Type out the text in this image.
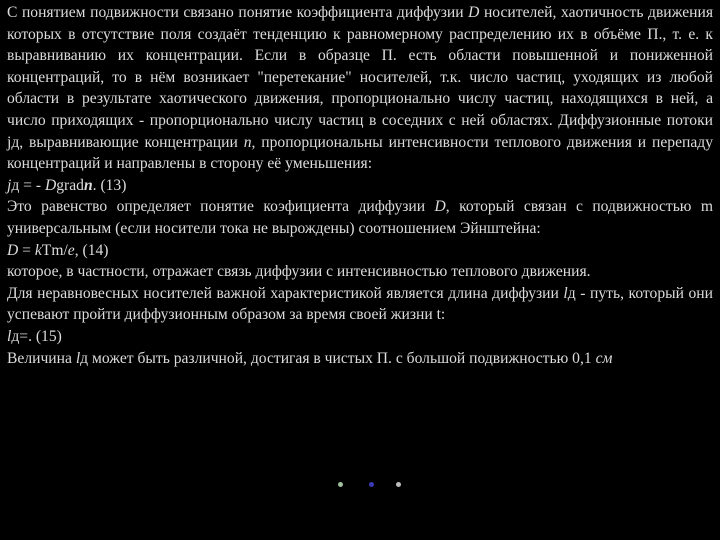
С понятием подвижности связано понятие коэффициента диффузии D носителей, хаотичность движения которых в отсутствие поля создаёт тенденцию к равномерному распределению их в объёме П., т. е. к выравниванию их концентрации. Если в образце П. есть области повышенной и пониженной концентраций, то в нём возникает "перетекание" носителей, т.к. число частиц, уходящих из любой области в результате хаотического движения, пропорционально числу частиц, находящихся в ней, а число приходящих - пропорционально числу частиц в соседних с ней областях. Диффузионные потоки jд, выравнивающие концентрации n, пропорциональны интенсивности теплового движения и перепаду концентраций и направлены в сторону её уменьшения:

jд = - Dgradn. (13)

Это равенство определяет понятие коэфициента диффузии D, который связан с подвижностью m универсальным (если носители тока не вырождены) соотношением Эйнштейна:

D = kTm/e, (14)

которое, в частности, отражает связь диффузии с интенсивностью теплового движения.

Для неравновесных носителей важной характеристикой является длина диффузии lд - путь, который они успевают пройти диффузионным образом за время своей жизни t:

lд=. (15)

Величина lд может быть различной, достигая в чистых П. с большой подвижностью 0,1 см
